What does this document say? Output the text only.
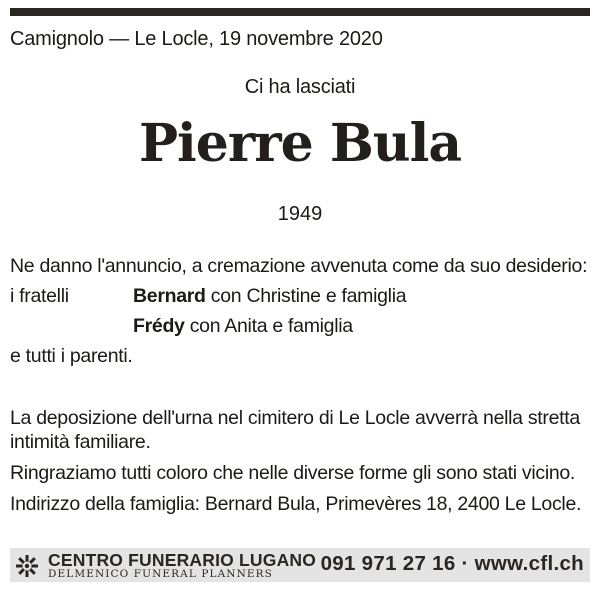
Camignolo — Le Locle, 19 novembre 2020
Ci ha lasciati
Pierre Bula
1949
Ne danno l'annuncio, a cremazione avvenuta come da suo desiderio:
i fratelli	Bernard con Christine e famiglia
Frédy con Anita e famiglia
e tutti i parenti.
La deposizione dell'urna nel cimitero di Le Locle avverrà nella stretta
intimità familiare.
Ringraziamo tutti coloro che nelle diverse forme gli sono stati vicino.
Indirizzo della famiglia: Bernard Bula, Primevères 18, 2400 Le Locle.
CENTRO FUNERARIO LUGANO
DELMENICO FUNERAL PLANNERS 091 971 27 16 · www.cfl.ch
